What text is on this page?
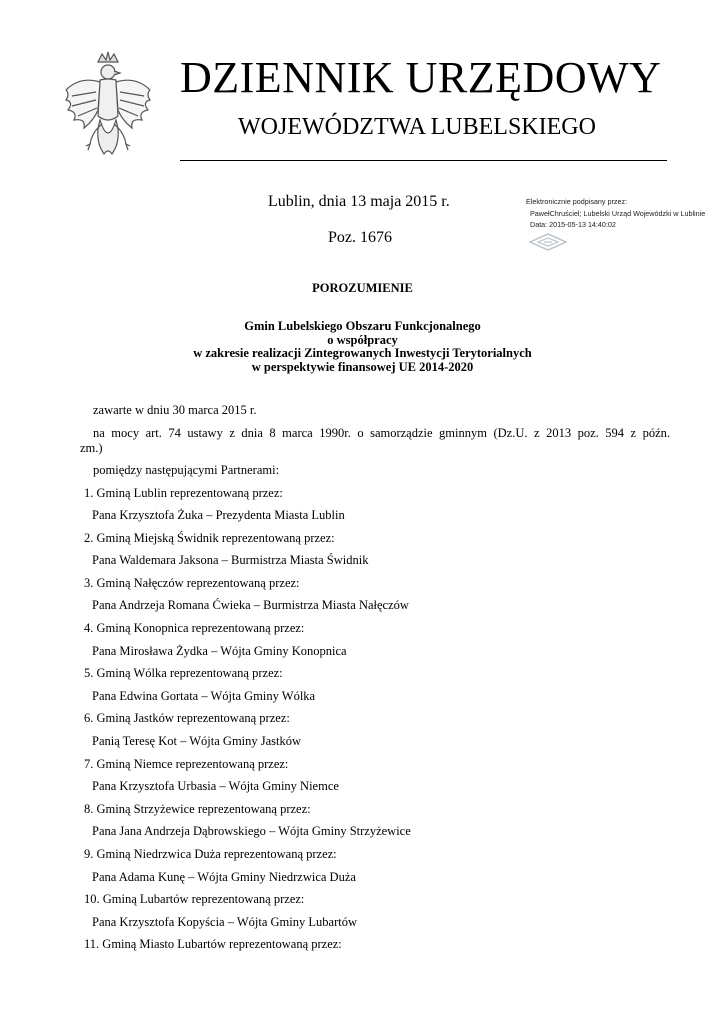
DZIENNIK URZĘDOWY
WOJEWÓDZTWA LUBELSKIEGO
Lublin, dnia 13 maja 2015 r.
Poz. 1676
Elektronicznie podpisany przez:
PawełChruściel; Lubelski Urząd Wojewódzki w Lublinie
Data: 2015-05-13 14:40:02
POROZUMIENIE
Gmin Lubelskiego Obszaru Funkcjonalnego
o współpracy
w zakresie realizacji Zintegrowanych Inwestycji Terytorialnych
w perspektywie finansowej UE 2014-2020
zawarte w dniu 30 marca 2015 r.
na mocy art. 74 ustawy z dnia 8 marca 1990r. o samorządzie gminnym (Dz.U. z 2013 poz. 594 z późn.
zm.)
pomiędzy następującymi Partnerami:
1. Gminą Lublin reprezentowaną przez:
Pana Krzysztofa Żuka – Prezydenta Miasta Lublin
2. Gminą Miejską Świdnik reprezentowaną przez:
Pana Waldemara Jaksona – Burmistrza Miasta Świdnik
3. Gminą Nałęczów reprezentowaną przez:
Pana Andrzeja Romana Ćwieka – Burmistrza Miasta Nałęczów
4. Gminą Konopnica reprezentowaną przez:
Pana Mirosława Żydka – Wójta Gminy Konopnica
5. Gminą Wólka reprezentowaną przez:
Pana Edwina Gortata – Wójta Gminy Wólka
6. Gminą Jastków reprezentowaną przez:
Panią Teresę Kot – Wójta Gminy Jastków
7. Gminą Niemce reprezentowaną przez:
Pana Krzysztofa Urbasia – Wójta Gminy Niemce
8. Gminą Strzyżewice reprezentowaną przez:
Pana Jana Andrzeja Dąbrowskiego – Wójta Gminy Strzyżewice
9. Gminą Niedrzwica Duża reprezentowaną przez:
Pana Adama Kunę – Wójta Gminy Niedrzwica Duża
10. Gminą Lubartów reprezentowaną przez:
Pana Krzysztofa Kopyścia – Wójta Gminy Lubartów
11. Gminą Miasto Lubartów reprezentowaną przez:
